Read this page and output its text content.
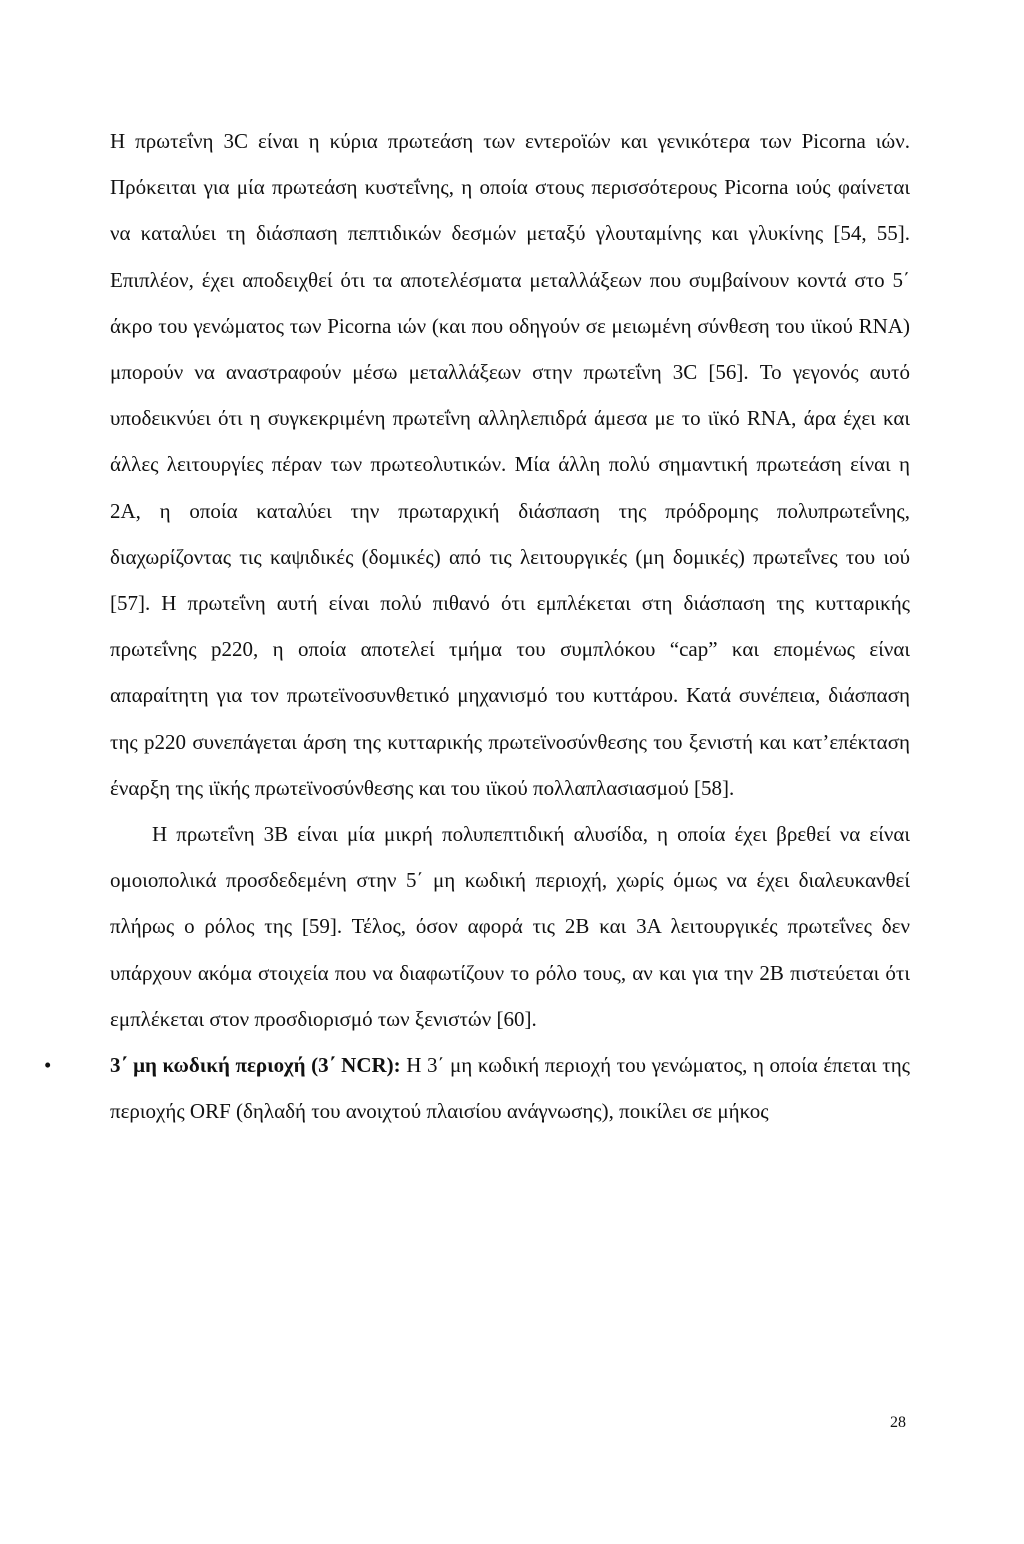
Η πρωτεΐνη 3C είναι η κύρια πρωτεάση των εντεροϊών και γενικότερα των Picorna ιών. Πρόκειται για μία πρωτεάση κυστεΐνης, η οποία στους περισσότερους Picorna ιούς φαίνεται να καταλύει τη διάσπαση πεπτιδικών δεσμών μεταξύ γλουταμίνης και γλυκίνης [54, 55]. Επιπλέον, έχει αποδειχθεί ότι τα αποτελέσματα μεταλλάξεων που συμβαίνουν κοντά στο 5΄ άκρο του γενώματος των Picorna ιών (και που οδηγούν σε μειωμένη σύνθεση του ιϊκού RNA) μπορούν να αναστραφούν μέσω μεταλλάξεων στην πρωτεΐνη 3C [56]. Το γεγονός αυτό υποδεικνύει ότι η συγκεκριμένη πρωτεΐνη αλληλεπιδρά άμεσα με το ιϊκό RNA, άρα έχει και άλλες λειτουργίες πέραν των πρωτεολυτικών. Μία άλλη πολύ σημαντική πρωτεάση είναι η 2A, η οποία καταλύει την πρωταρχική διάσπαση της πρόδρομης πολυπρωτεΐνης, διαχωρίζοντας τις καψιδικές (δομικές) από τις λειτουργικές (μη δομικές) πρωτεΐνες του ιού [57]. Η πρωτεΐνη αυτή είναι πολύ πιθανό ότι εμπλέκεται στη διάσπαση της κυτταρικής πρωτεΐνης p220, η οποία αποτελεί τμήμα του συμπλόκου “cap” και επομένως είναι απαραίτητη για τον πρωτεϊνοσυνθετικό μηχανισμό του κυττάρου. Κατά συνέπεια, διάσπαση της p220 συνεπάγεται άρση της κυτταρικής πρωτεϊνοσύνθεσης του ξενιστή και κατ’επέκταση έναρξη της ιϊκής πρωτεϊνοσύνθεσης και του ιϊκού πολλαπλασιασμού [58].

Η πρωτεΐνη 3B είναι μία μικρή πολυπεπτιδική αλυσίδα, η οποία έχει βρεθεί να είναι ομοιοπολικά προσδεδεμένη στην 5΄ μη κωδική περιοχή, χωρίς όμως να έχει διαλευκανθεί πλήρως ο ρόλος της [59]. Τέλος, όσον αφορά τις 2B και 3A λειτουργικές πρωτεΐνες δεν υπάρχουν ακόμα στοιχεία που να διαφωτίζουν το ρόλο τους, αν και για την 2B πιστεύεται ότι εμπλέκεται στον προσδιορισμό των ξενιστών [60].

•	3΄ μη κωδική περιοχή (3΄ NCR): Η 3΄ μη κωδική περιοχή του γενώματος, η οποία έπεται της περιοχής ORF (δηλαδή του ανοιχτού πλαισίου ανάγνωσης), ποικίλει σε μήκος
28
